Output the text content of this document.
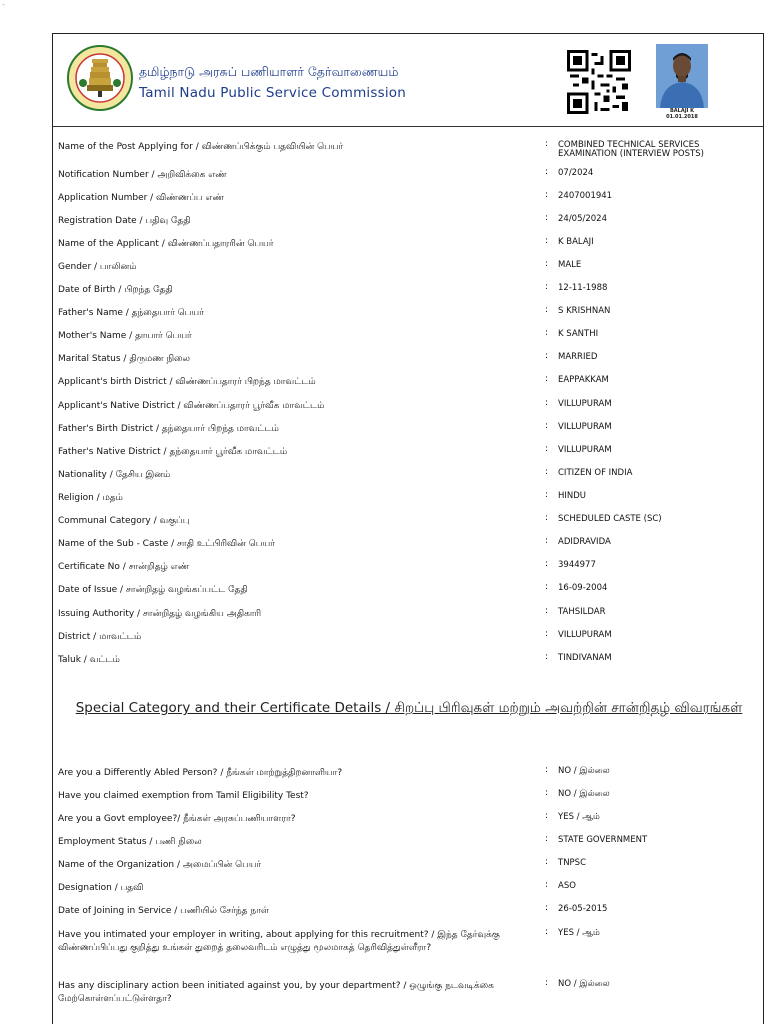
⁃
தமிழ்நாடு அரசுப் பணியாளர் தேர்வாணையம்
Tamil Nadu Public Service Commission
BALAJI K
01.01.2018
Name of the Post Applying for / விண்ணப்பிக்கும் பதவியின் பெயர்	: COMBINED TECHNICAL SERVICES EXAMINATION (INTERVIEW POSTS)
Notification Number / அறிவிக்கை எண்	: 07/2024
Application Number / விண்ணப்ப எண்	: 2407001941
Registration Date / பதிவு தேதி	: 24/05/2024
Name of the Applicant / விண்ணப்பதாரரின் பெயர்	: K BALAJI
Gender / பாலினம்	: MALE
Date of Birth / பிறந்த தேதி	: 12-11-1988
Father's Name / தந்தையார் பெயர்	: S KRISHNAN
Mother's Name / தாயார் பெயர்	: K SANTHI
Marital Status / திருமண நிலை	: MARRIED
Applicant's birth District / விண்ணப்பதாரர் பிறந்த மாவட்டம்	: EAPPAKKAM
Applicant's Native District / விண்ணப்பதாரர் பூர்வீக மாவட்டம்	: VILLUPURAM
Father's Birth District / தந்தையார் பிறந்த மாவட்டம்	: VILLUPURAM
Father's Native District / தந்தையார் பூர்வீக மாவட்டம்	: VILLUPURAM
Nationality / தேசிய இனம்	: CITIZEN OF INDIA
Religion / மதம்	: HINDU
Communal Category / வகுப்பு	: SCHEDULED CASTE (SC)
Name of the Sub - Caste / சாதி உட்பிரிவின் பெயர்	: ADIDRAVIDA
Certificate No / சான்றிதழ் எண்	: 3944977
Date of Issue / சான்றிதழ் வழங்கப்பட்ட தேதி	: 16-09-2004
Issuing Authority / சான்றிதழ் வழங்கிய அதிகாரி	: TAHSILDAR
District / மாவட்டம்	: VILLUPURAM
Taluk / வட்டம்	: TINDIVANAM
Special Category and their Certificate Details / சிறப்பு பிரிவுகள் மற்றும் அவற்றின் சான்றிதழ் விவரங்கள்
Are you a Differently Abled Person? / நீங்கள் மாற்றுத்திறனாளியா?	: NO / இல்லை
Have you claimed exemption from Tamil Eligibility Test?	: NO / இல்லை
Are you a Govt employee?/ நீங்கள் அரசுப்பணியாளரா?	: YES / ஆம்
Employment Status / பணி நிலை	: STATE GOVERNMENT
Name of the Organization / அமைப்பின் பெயர்	: TNPSC
Designation / பதவி	: ASO
Date of Joining in Service / பணியில் சேர்ந்த நாள்	: 26-05-2015
Have you intimated your employer in writing, about applying for this recruitment? / இந்த தேர்வுக்கு விண்ணப்பிப்பது குறித்து உங்கள் துறைத் தலைவரிடம் எழுத்து மூலமாகத் தெரிவித்துள்ளீரா?
: YES / ஆம்
Has any disciplinary action been initiated against you, by your department? / ஒழுங்கு நடவடிக்கை மேற்கொள்ளப்பட்டுள்ளதா?
: NO / இல்லை
